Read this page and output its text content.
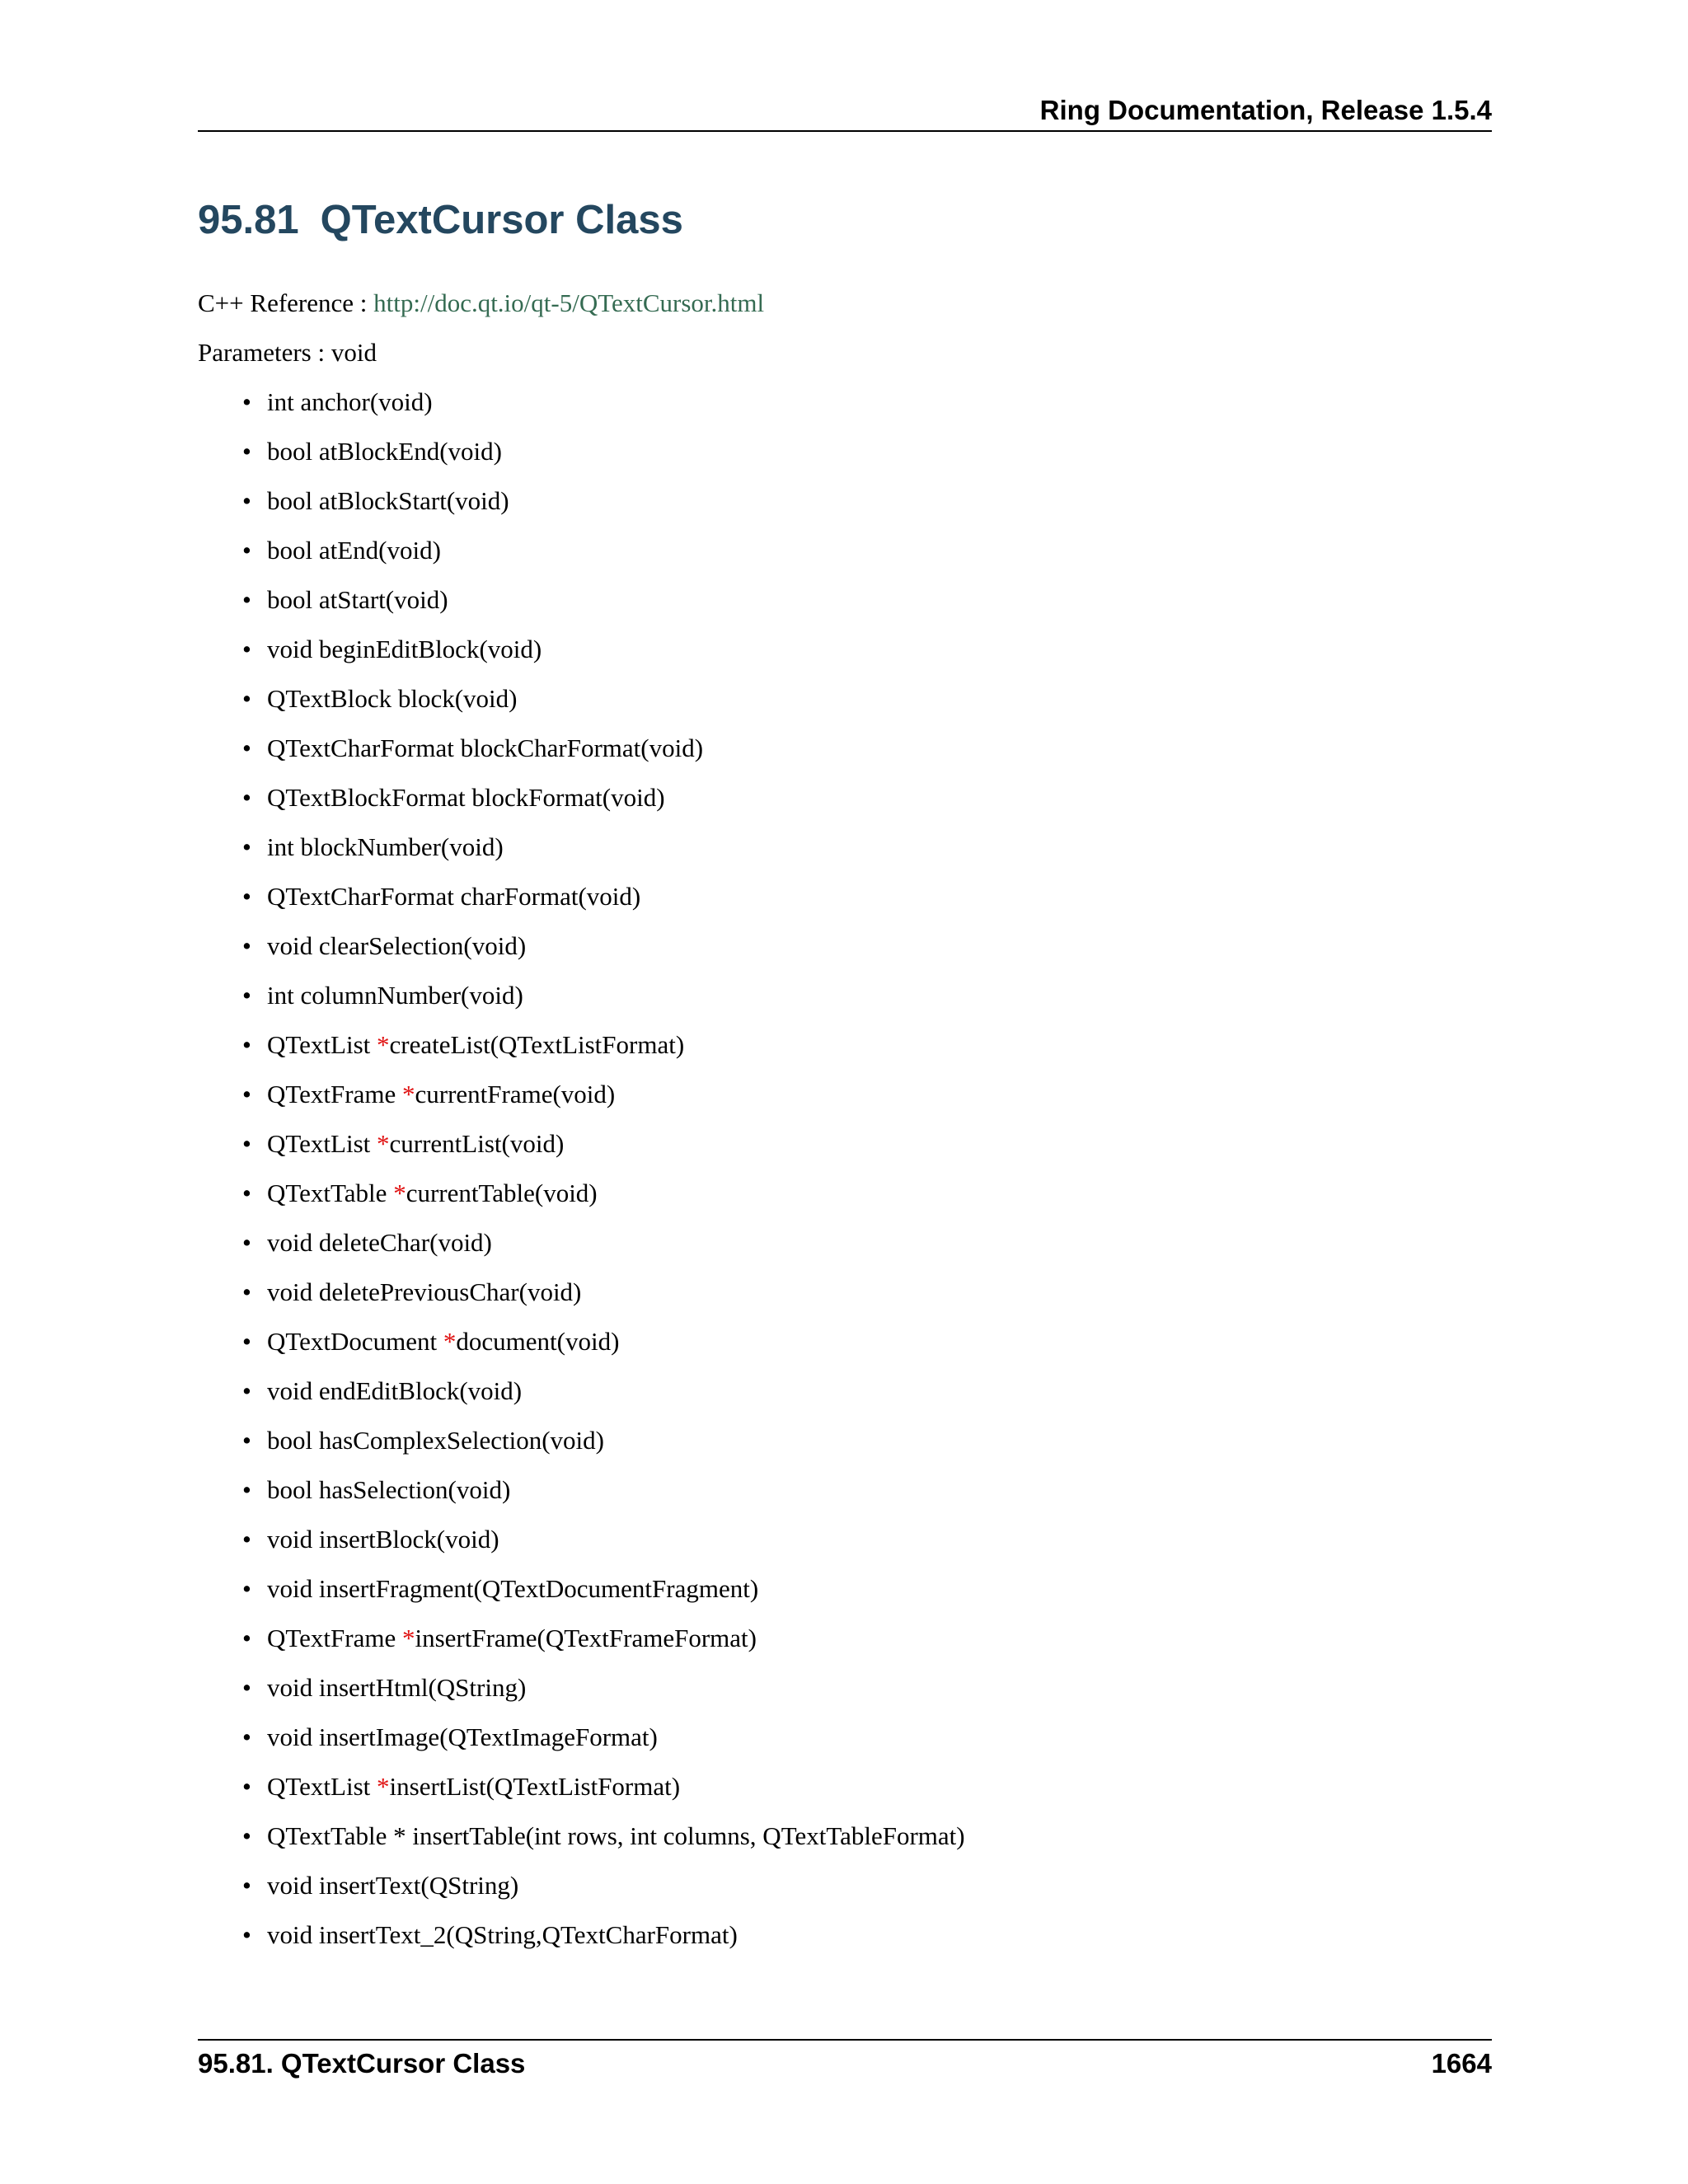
Ring Documentation, Release 1.5.4
95.81 QTextCursor Class
C++ Reference : http://doc.qt.io/qt-5/QTextCursor.html
Parameters : void
• int anchor(void)
• bool atBlockEnd(void)
• bool atBlockStart(void)
• bool atEnd(void)
• bool atStart(void)
• void beginEditBlock(void)
• QTextBlock block(void)
• QTextCharFormat blockCharFormat(void)
• QTextBlockFormat blockFormat(void)
• int blockNumber(void)
• QTextCharFormat charFormat(void)
• void clearSelection(void)
• int columnNumber(void)
• QTextList *createList(QTextListFormat)
• QTextFrame *currentFrame(void)
• QTextList *currentList(void)
• QTextTable *currentTable(void)
• void deleteChar(void)
• void deletePreviousChar(void)
• QTextDocument *document(void)
• void endEditBlock(void)
• bool hasComplexSelection(void)
• bool hasSelection(void)
• void insertBlock(void)
• void insertFragment(QTextDocumentFragment)
• QTextFrame *insertFrame(QTextFrameFormat)
• void insertHtml(QString)
• void insertImage(QTextImageFormat)
• QTextList *insertList(QTextListFormat)
• QTextTable * insertTable(int rows, int columns, QTextTableFormat)
• void insertText(QString)
• void insertText_2(QString,QTextCharFormat)
95.81. QTextCursor Class	1664
